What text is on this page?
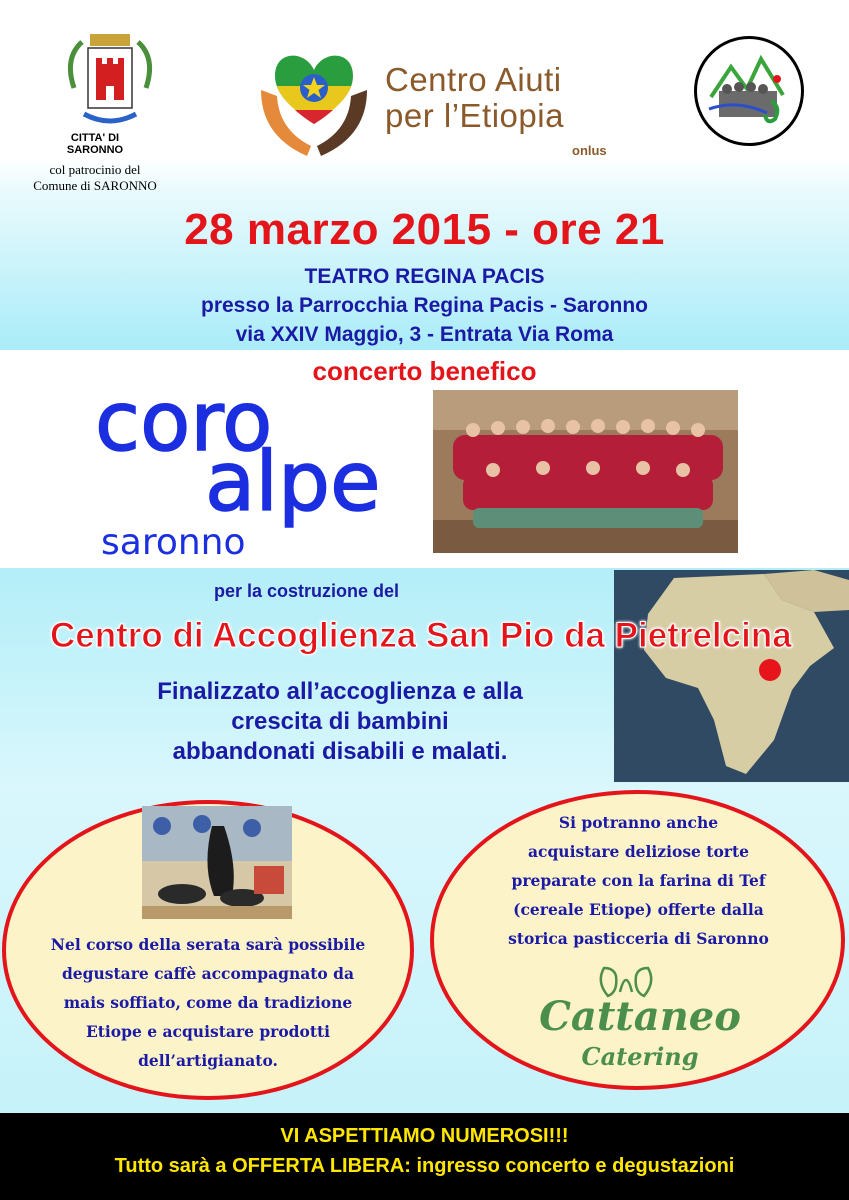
CITTA' DI
SARONNO
col patrocinio del
Comune di SARONNO
Centro Aiuti
per l’Etiopia
onlus
28 marzo 2015 - ore 21
TEATRO REGINA PACIS
presso la Parrocchia Regina Pacis - Saronno
via XXIV Maggio, 3 - Entrata Via Roma
concerto benefico
coro
alpe
saronno
per la costruzione del
Centro di Accoglienza San Pio da Pietrelcina
Finalizzato all’accoglienza e alla
crescita di bambini
abbandonati disabili e malati.
Nel corso della serata sarà possibile
degustare caffè accompagnato da
mais soffiato, come da tradizione
Etiope e acquistare prodotti
dell’artigianato.
Si potranno anche
acquistare deliziose torte
preparate con la farina di Tef
(cereale Etiope) offerte dalla
storica pasticceria di Saronno
Cattaneo
Catering
VI ASPETTIAMO NUMEROSI!!!
Tutto sarà a OFFERTA LIBERA: ingresso concerto e degustazioni
